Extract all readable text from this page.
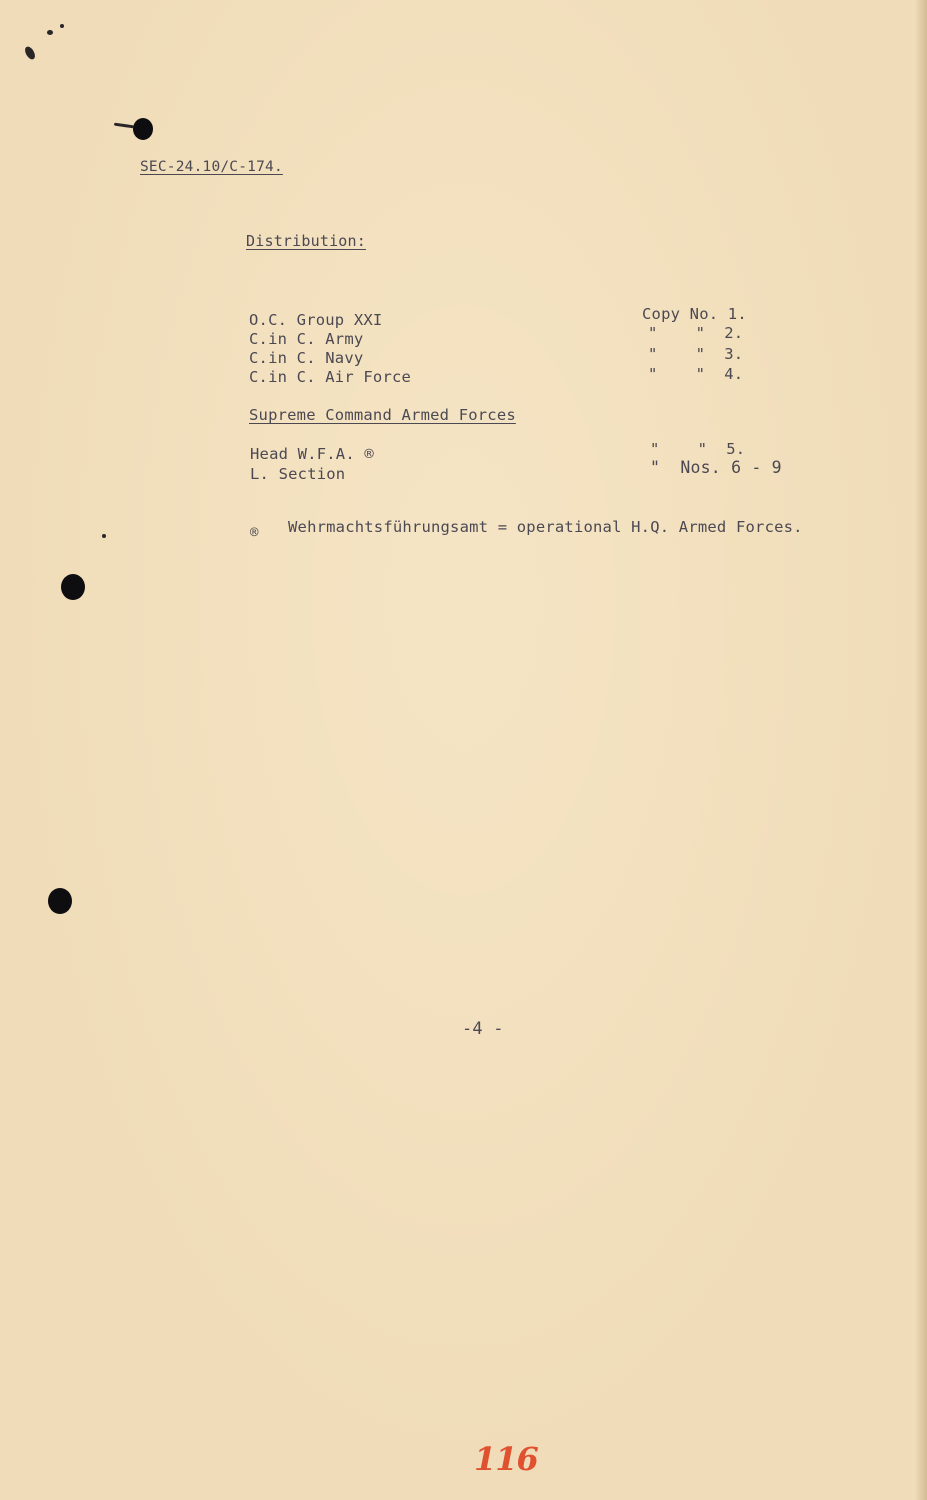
SEC-24.10/C-174.
Distribution:
O.C. Group XXI
C.in C. Army
C.in C. Navy
C.in C. Air Force
Copy No. 1.
"    "  2.
"    "  3.
"    "  4.
Supreme Command Armed Forces
Head W.F.A. ®
L. Section
"    "  5.
"  Nos. 6 - 9
® Wehrmachtsführungsamt = operational H.Q. Armed Forces.
-4 -
116
